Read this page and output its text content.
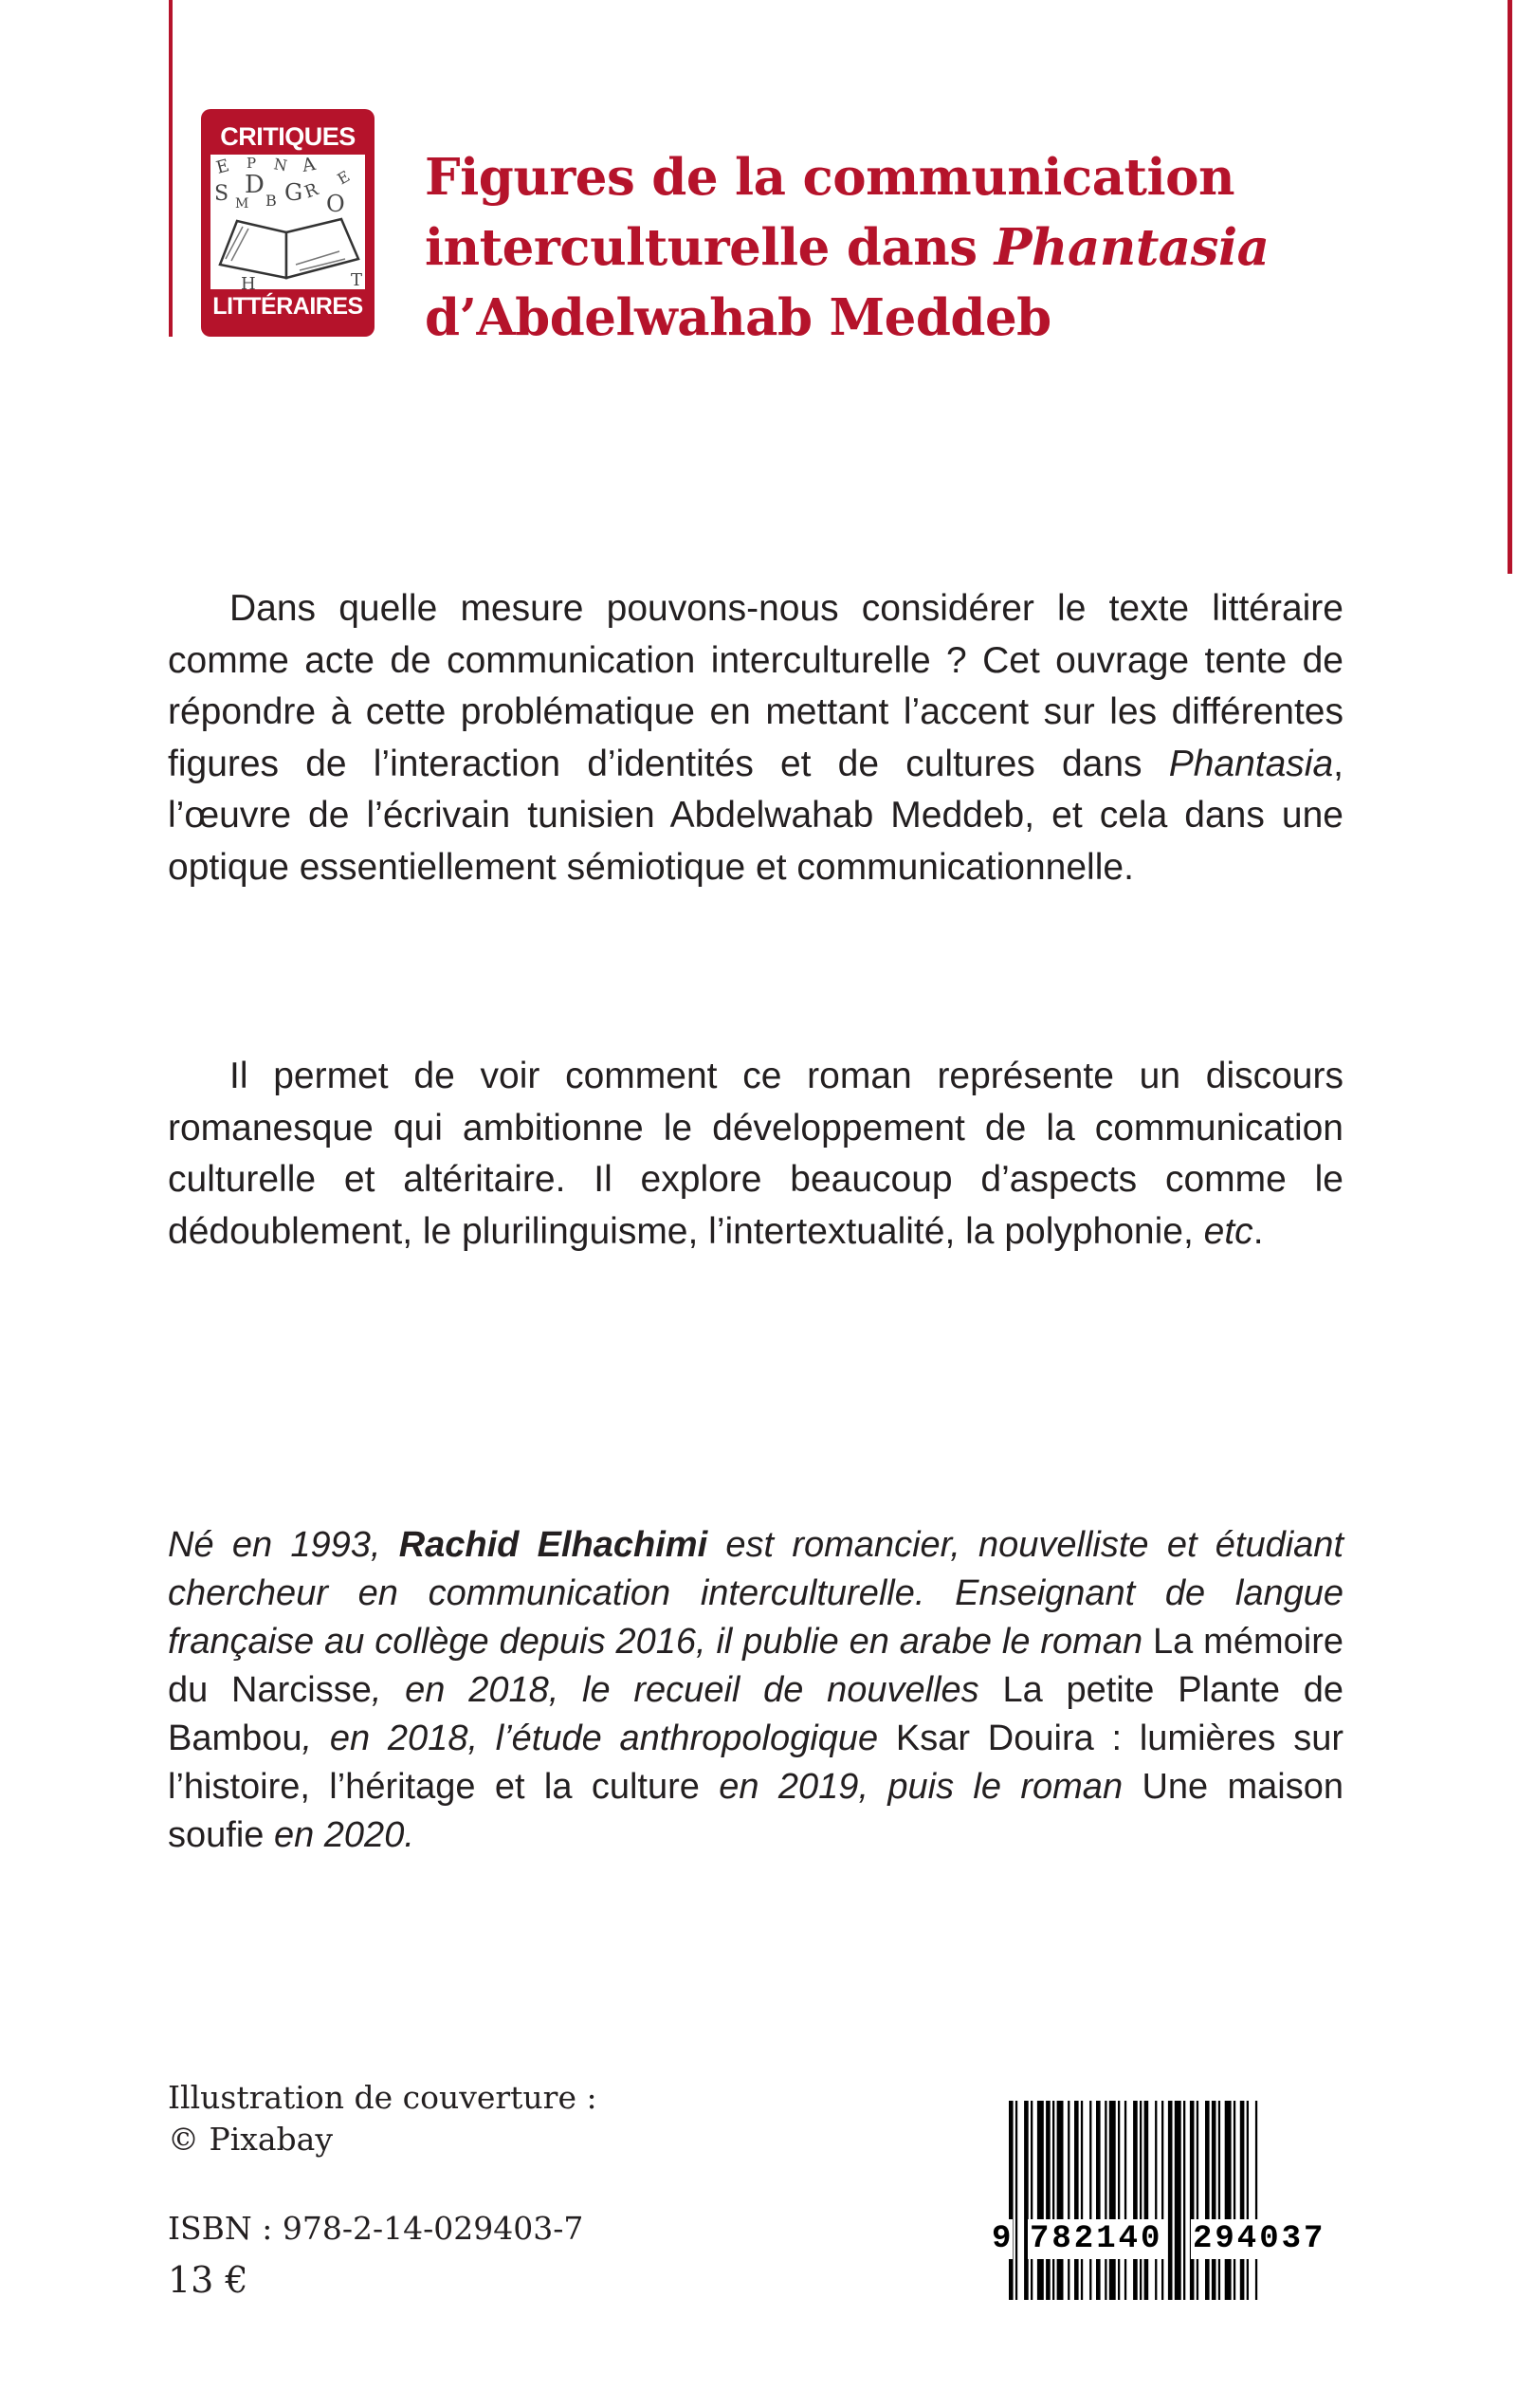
CRITIQUES
E P N A
S D
M B G R O
E
H	T
LITTÉRAIRES
Figures de la communication
interculturelle dans Phantasia
d’Abdelwahab Meddeb

Dans quelle mesure pouvons-nous considérer le texte littéraire comme acte de communication interculturelle ? Cet ouvrage tente de répondre à cette problématique en mettant l’accent sur les différentes figures de l’interaction d’identités et de cultures dans Phantasia, l’œuvre de l’écrivain tunisien Abdelwahab Meddeb, et cela dans une optique essentiellement sémiotique et communicationnelle.

Il permet de voir comment ce roman représente un discours romanesque qui ambitionne le développement de la communication culturelle et altéritaire. Il explore beaucoup d’aspects comme le dédoublement, le plurilinguisme, l’intertextualité, la polyphonie, etc.

Né en 1993, Rachid Elhachimi est romancier, nouvelliste et étudiant chercheur en communication interculturelle. Enseignant de langue française au collège depuis 2016, il publie en arabe le roman La mémoire du Narcisse, en 2018, le recueil de nouvelles La petite Plante de Bambou, en 2018, l’étude anthropologique Ksar Douira : lumières sur l’histoire, l’héritage et la culture en 2019, puis le roman Une maison soufie en 2020.

Illustration de couverture :
© Pixabay

ISBN : 978-2-14-029403-7

13 €

9 782140 294037
